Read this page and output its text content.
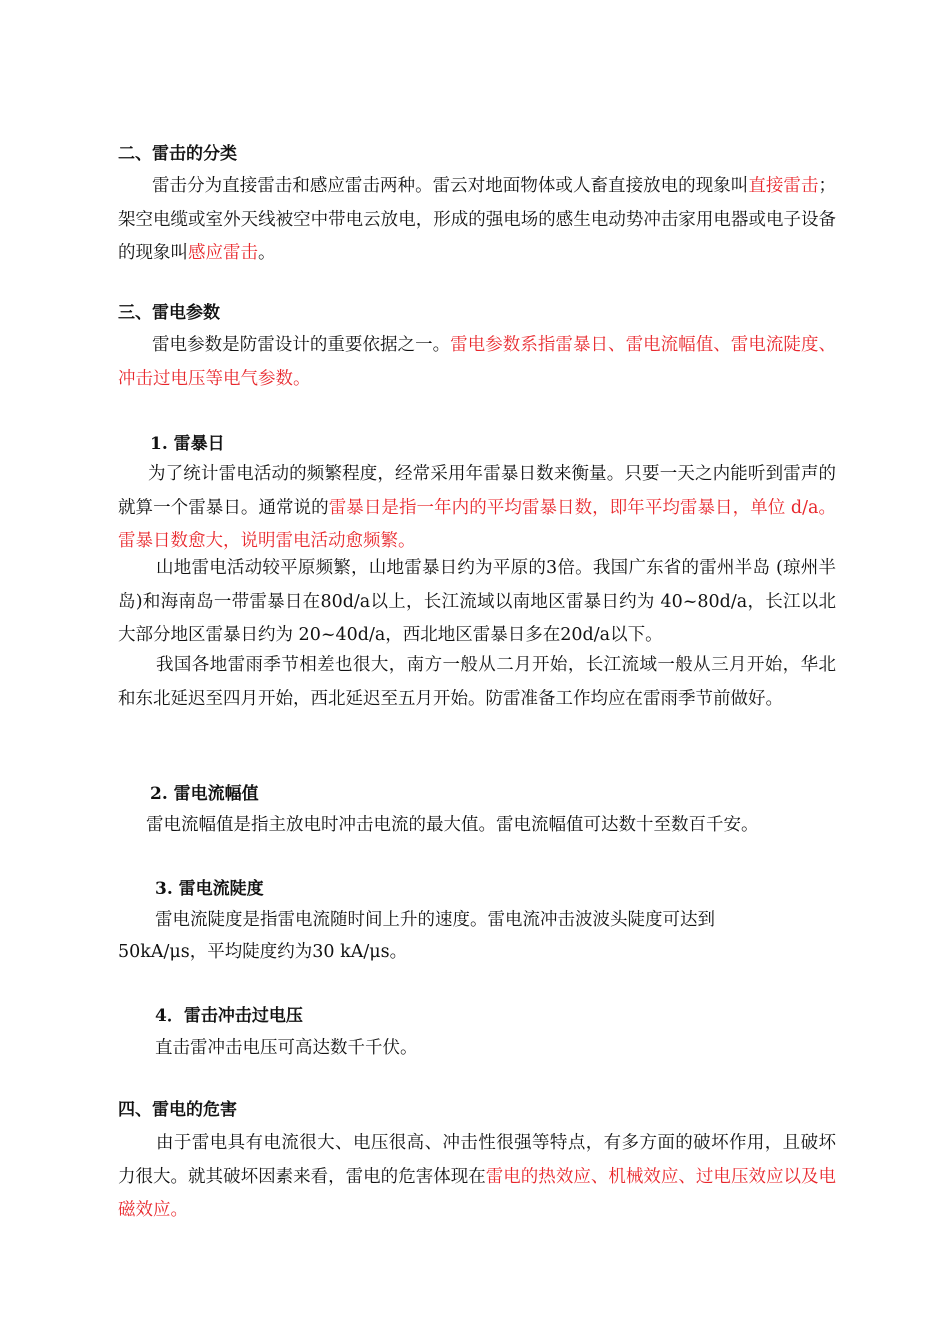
二、雷击的分类

雷击分为直接雷击和感应雷击两种。雷云对地面物体或人畜直接放电的现象叫直接雷击；架空电缆或室外天线被空中带电云放电，形成的强电场的感生电动势冲击家用电器或电子设备的现象叫感应雷击。

三、雷电参数

雷电参数是防雷设计的重要依据之一。雷电参数系指雷暴日、雷电流幅值、雷电流陡度、冲击过电压等电气参数。

1. 雷暴日

为了统计雷电活动的频繁程度，经常采用年雷暴日数来衡量。只要一天之内能听到雷声的就算一个雷暴日。通常说的雷暴日是指一年内的平均雷暴日数，即年平均雷暴日，单位 d/a。雷暴日数愈大，说明雷电活动愈频繁。

山地雷电活动较平原频繁，山地雷暴日约为平原的3倍。我国广东省的雷州半岛 (琼州半岛)和海南岛一带雷暴日在80d/a以上，长江流域以南地区雷暴日约为 40~80d/a，长江以北大部分地区雷暴日约为 20~40d/a，西北地区雷暴日多在20d/a以下。

我国各地雷雨季节相差也很大，南方一般从二月开始，长江流域一般从三月开始，华北和东北延迟至四月开始，西北延迟至五月开始。防雷准备工作均应在雷雨季节前做好。

2. 雷电流幅值

雷电流幅值是指主放电时冲击电流的最大值。雷电流幅值可达数十至数百千安。

3. 雷电流陡度

雷电流陡度是指雷电流随时间上升的速度。雷电流冲击波波头陡度可达到

50kA/μs，平均陡度约为30 kA/μs。

4．雷击冲击过电压

直击雷冲击电压可高达数千千伏。

四、雷电的危害

由于雷电具有电流很大、电压很高、冲击性很强等特点，有多方面的破坏作用，且破坏力很大。就其破坏因素来看，雷电的危害体现在雷电的热效应、机械效应、过电压效应以及电磁效应。
